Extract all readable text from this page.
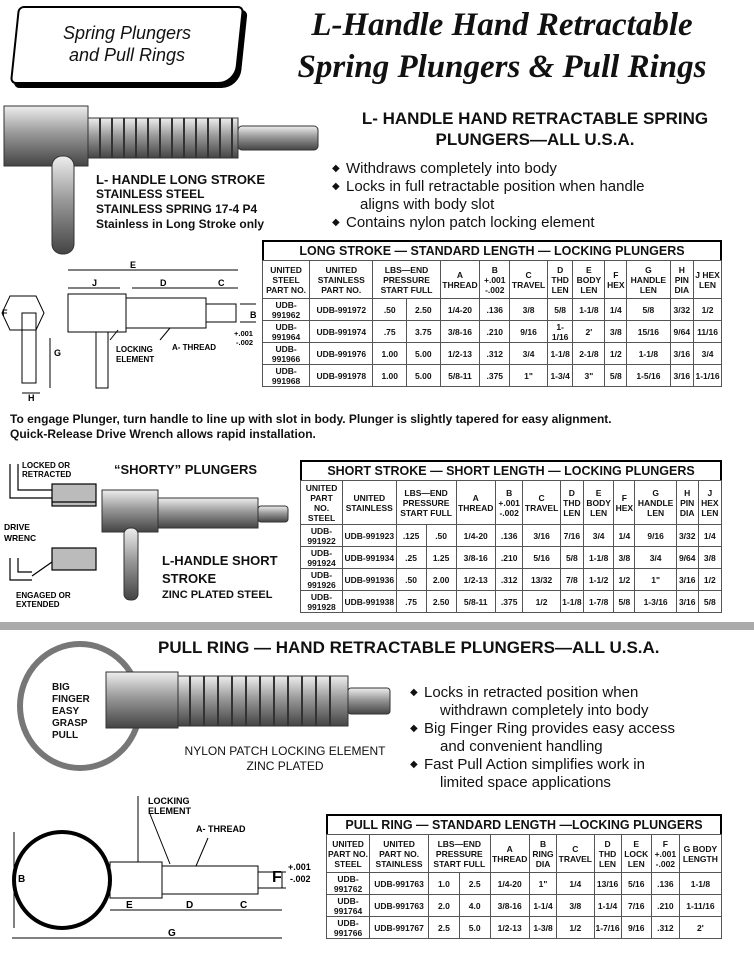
Spring Plungers
and Pull Rings
L-Handle Hand Retractable
Spring Plungers & Pull Rings
L- HANDLE HAND RETRACTABLE SPRING
PLUNGERS—ALL U.S.A.
◆ Withdraws completely into body
◆ Locks in full retractable position when handle
aligns with body slot
◆ Contains nylon patch locking element
L- HANDLE LONG STROKE
STAINLESS STEEL
STAINLESS SPRING 17-4 P4
Stainless in Long Stroke only
E
J	D	C
B
F
G
H
+.001
-.002
LOCKING
ELEMENT
A- THREAD
LONG STROKE — STANDARD LENGTH — LOCKING PLUNGERS
UNITED STEEL PART NO.	UNITED STAINLESS PART NO.	LBS—END PRESSURE START FULL		A THREAD	B +.001 -.002	C TRAVEL	D THD LEN	E BODY LEN	F HEX	G HANDLE LEN	H PIN DIA	J HEX LEN
UDB-991962	UDB-991972	.50	2.50	1/4-20	.136	3/8	5/8	1-1/8	1/4	5/8	3/32	1/2
UDB-991964	UDB-991974	.75	3.75	3/8-16	.210	9/16	1-1/16	2'	3/8	15/16	9/64	11/16
UDB-991966	UDB-991976	1.00	5.00	1/2-13	.312	3/4	1-1/8	2-1/8	1/2	1-1/8	3/16	3/4
UDB-991968	UDB-991978	1.00	5.00	5/8-11	.375	1"	1-3/4	3"	5/8	1-5/16	3/16	1-1/16
To engage Plunger, turn handle to line up with slot in body. Plunger is slightly tapered for easy alignment.
Quick-Release Drive Wrench allows rapid installation.
LOCKED OR
RETRACTED
DRIVE
WRENC
ENGAGED OR
EXTENDED
“SHORTY” PLUNGERS
L-HANDLE SHORT
STROKE
ZINC PLATED STEEL
SHORT STROKE — SHORT LENGTH — LOCKING PLUNGERS
UNITED PART NO. STEEL	UNITED STAINLESS	LBS—END PRESSURE START FULL		A THREAD	B +.001 -.002	C TRAVEL	D THD LEN	E BODY LEN	F HEX	G HANDLE LEN	H PIN DIA	J HEX LEN
UDB-991922	UDB-991923	.125	.50	1/4-20	.136	3/16	7/16	3/4	1/4	9/16	3/32	1/4
UDB-991924	UDB-991934	.25	1.25	3/8-16	.210	5/16	5/8	1-1/8	3/8	3/4	9/64	3/8
UDB-991926	UDB-991936	.50	2.00	1/2-13	.312	13/32	7/8	1-1/2	1/2	1"	3/16	1/2
UDB-991928	UDB-991938	.75	2.50	5/8-11	.375	1/2	1-1/8	1-7/8	5/8	1-3/16	3/16	5/8
PULL RING — HAND RETRACTABLE PLUNGERS—ALL U.S.A.
BIG
FINGER
EASY
GRASP
PULL
NYLON PATCH LOCKING ELEMENT
ZINC PLATED
◆ Locks in retracted position when
withdrawn completely into body
◆ Big Finger Ring provides easy access
and convenient handling
◆ Fast Pull Action simplifies work in
limited space applications
B
E	D	C
G
F
+.001
-.002
LOCKING
ELEMENT
A- THREAD	PULL RING — STANDARD LENGTH —LOCKING PLUNGERS
UNITED PART NO. STEEL	UNITED PART NO. STAINLESS	LBS—END PRESSURE START FULL		A THREAD	B RING DIA	C TRAVEL	D THD LEN	E LOCK LEN	F +.001 -.002	G BODY LENGTH
UDB-991762	UDB-991763	1.0	2.5	1/4-20	1"	1/4	13/16	5/16	.136	1-1/8
UDB-991764	UDB-991763	2.0	4.0	3/8-16	1-1/4	3/8	1-1/4	7/16	.210	1-11/16
UDB-991766	UDB-991767	2.5	5.0	1/2-13	1-3/8	1/2	1-7/16	9/16	.312	2'
